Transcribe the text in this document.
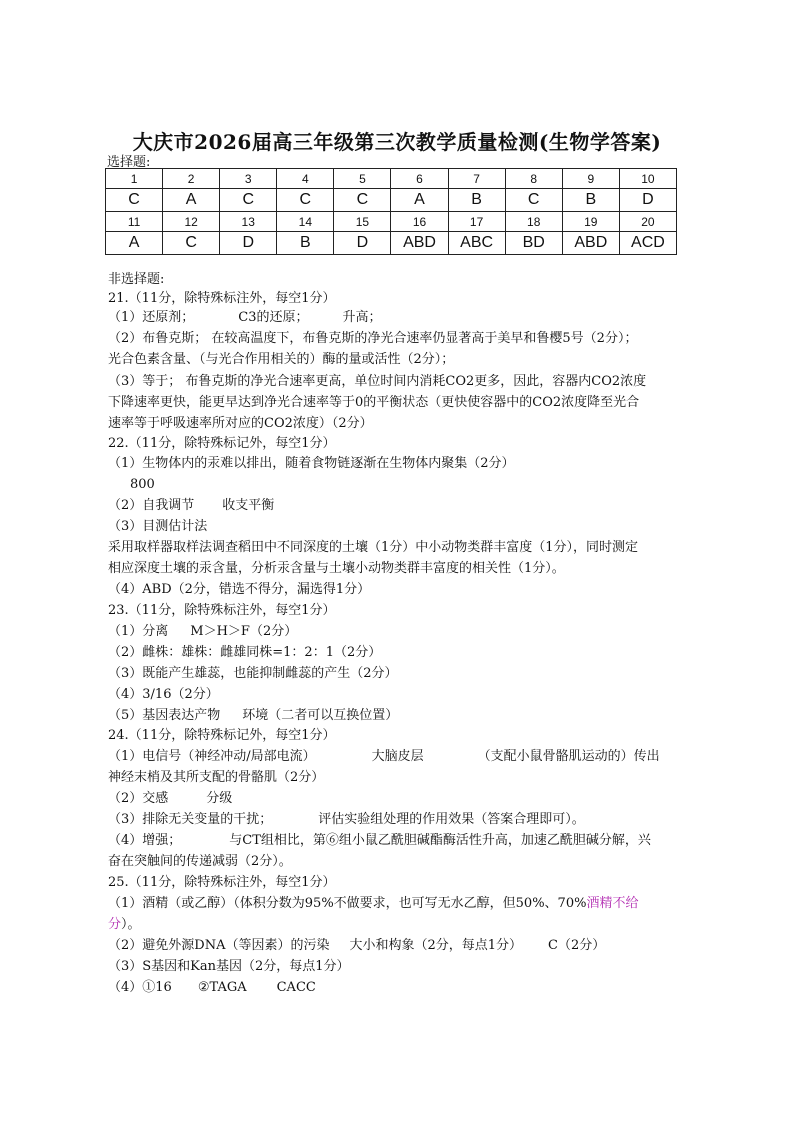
大庆市2026届高三年级第三次教学质量检测(生物学答案)
选择题:
1	2	3	4	5	6	7	8	9	10
C	A	C	C	C	A	B	C	B	D
11	12	13	14	15	16	17	18	19	20
A	C	D	B	D	ABD	ABC	BD	ABD	ACD
非选择题:
21.（11分，除特殊标注外，每空1分）
（1）还原剂；	C3的还原；	升高；
（2）布鲁克斯； 在较高温度下，布鲁克斯的净光合速率仍显著高于美早和鲁樱5号（2分）；
光合色素含量、（与光合作用相关的）酶的量或活性（2分）；
（3）等于； 布鲁克斯的净光合速率更高，单位时间内消耗CO2更多，因此，容器内CO2浓度
下降速率更快，能更早达到净光合速率等于0的平衡状态（更快使容器中的CO2浓度降至光合
速率等于呼吸速率所对应的CO2浓度）（2分）
22.（11分，除特殊标记外，每空1分）
（1）生物体内的汞难以排出，随着食物链逐渐在生物体内聚集（2分）
800
（2）自我调节 收支平衡
（3）目测估计法
采用取样器取样法调查稻田中不同深度的土壤（1分）中小动物类群丰富度（1分），同时测定
相应深度土壤的汞含量，分析汞含量与土壤小动物类群丰富度的相关性（1分）。
（4）ABD（2分，错选不得分，漏选得1分）
23.（11分，除特殊标注外，每空1分）
（1）分离 M＞H＞F（2分）
（2）雌株：雄株：雌雄同株=1：2：1（2分）
（3）既能产生雄蕊，也能抑制雌蕊的产生（2分）
（4）3/16（2分）
（5）基因表达产物 环境（二者可以互换位置）
24.（11分，除特殊标记外，每空1分）
（1）电信号（神经冲动/局部电流）	大脑皮层	（支配小鼠骨骼肌运动的）传出
神经末梢及其所支配的骨骼肌（2分）
（2）交感	分级
（3）排除无关变量的干扰；	评估实验组处理的作用效果（答案合理即可）。
（4）增强；	与CT组相比，第⑥组小鼠乙酰胆碱酯酶活性升高，加速乙酰胆碱分解，兴
奋在突触间的传递减弱（2分）。
25.（11分，除特殊标注外，每空1分）
（1）酒精（或乙醇）（体积分数为95%不做要求，也可写无水乙醇，但50%、70%酒精不给
分）。
（2）避免外源DNA（等因素）的污染 大小和构象（2分，每点1分） C（2分）
（3）S基因和Kan基因（2分，每点1分）
（4）①16 ②TAGA CACC
